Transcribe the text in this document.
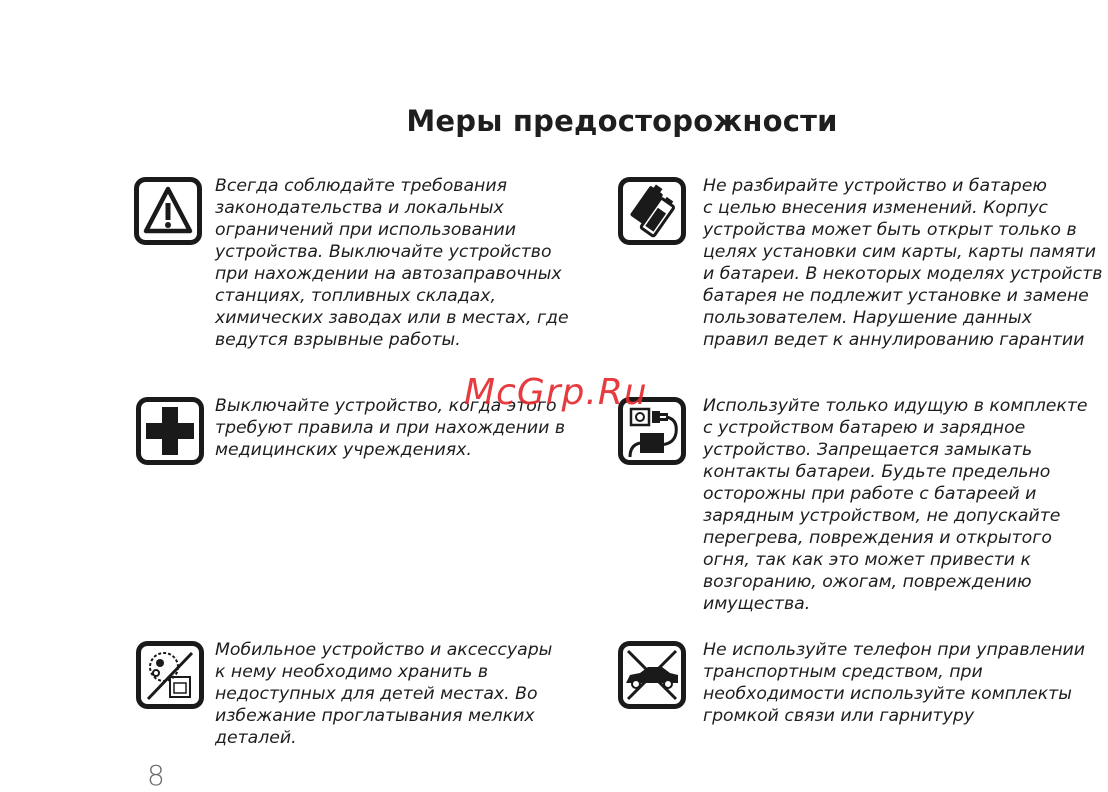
Меры предосторожности

Всегда соблюдайте требования
законодательства и локальных
ограничений при использовании
устройства. Выключайте устройство
при нахождении на автозаправочных
станциях, топливных складах,
химических заводах или в местах, где
ведутся взрывные работы.

Не разбирайте устройство и батарею
с целью внесения изменений. Корпус
устройства может быть открыт только в
целях установки сим карты, карты памяти
и батареи. В некоторых моделях устройств
батарея не подлежит установке и замене
пользователем. Нарушение данных
правил ведет к аннулированию гарантии

Выключайте устройство, когда этого
требуют правила и при нахождении в
медицинских учреждениях.

Используйте только идущую в комплекте
с устройством батарею и зарядное
устройство. Запрещается замыкать
контакты батареи. Будьте предельно
осторожны при работе с батареей и
зарядным устройством, не допускайте
перегрева, повреждения и открытого
огня, так как это может привести к
возгоранию, ожогам, повреждению
имущества.

Мобильное устройство и аксессуары
к нему необходимо хранить в
недоступных для детей местах. Во
избежание проглатывания мелких
деталей.

Не используйте телефон при управлении
транспортным средством, при
необходимости используйте комплекты
громкой связи или гарнитуру

McGrp.Ru
8
